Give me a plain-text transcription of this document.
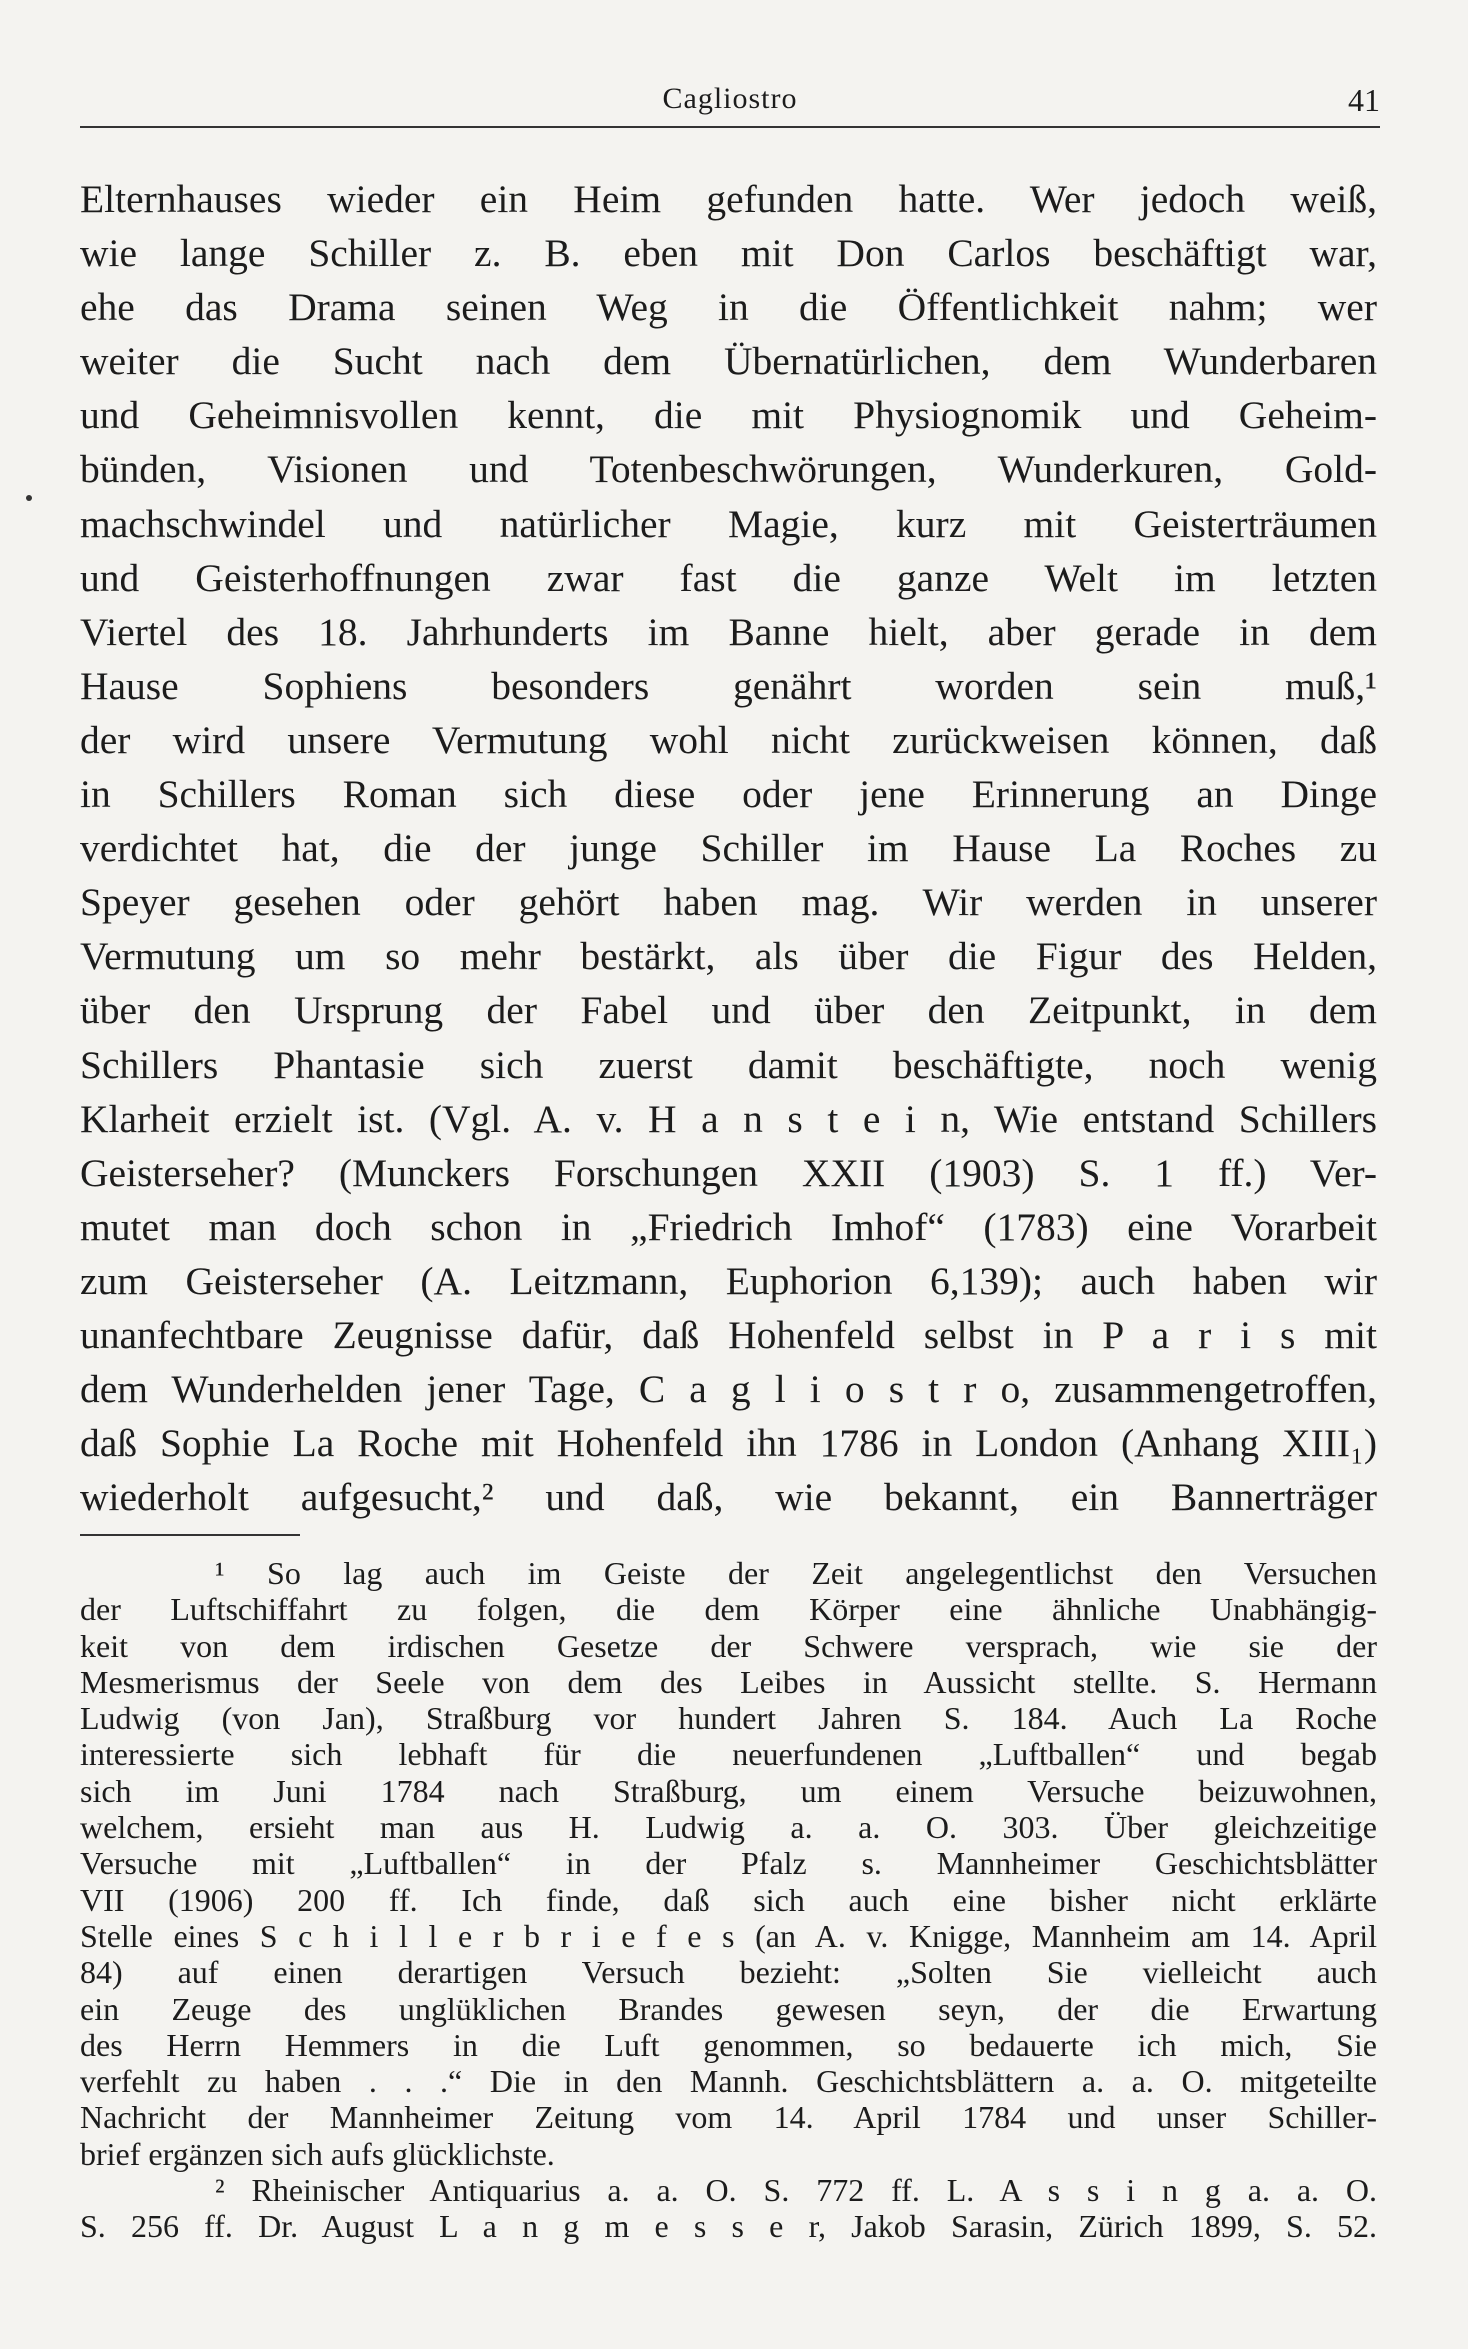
Cagliostro	41
Elternhauses wieder ein Heim gefunden hatte. Wer jedoch weiß,
wie lange Schiller z. B. eben mit Don Carlos beschäftigt war,
ehe das Drama seinen Weg in die Öffentlichkeit nahm; wer
weiter die Sucht nach dem Übernatürlichen, dem Wunderbaren
und Geheimnisvollen kennt, die mit Physiognomik und Geheim-
bünden, Visionen und Totenbeschwörungen, Wunderkuren, Gold-
machschwindel und natürlicher Magie, kurz mit Geisterträumen
und Geisterhoffnungen zwar fast die ganze Welt im letzten
Viertel des 18. Jahrhunderts im Banne hielt, aber gerade in dem
Hause Sophiens besonders genährt worden sein muß,¹
der wird unsere Vermutung wohl nicht zurückweisen können, daß
in Schillers Roman sich diese oder jene Erinnerung an Dinge
verdichtet hat, die der junge Schiller im Hause La Roches zu
Speyer gesehen oder gehört haben mag. Wir werden in unserer
Vermutung um so mehr bestärkt, als über die Figur des Helden,
über den Ursprung der Fabel und über den Zeitpunkt, in dem
Schillers Phantasie sich zuerst damit beschäftigte, noch wenig
Klarheit erzielt ist. (Vgl. A. v. H a n s t e i n, Wie entstand Schillers
Geisterseher? (Munckers Forschungen XXII (1903) S. 1 ff.) Ver-
mutet man doch schon in „Friedrich Imhof“ (1783) eine Vorarbeit
zum Geisterseher (A. Leitzmann, Euphorion 6,139); auch haben wir
unanfechtbare Zeugnisse dafür, daß Hohenfeld selbst in P a r i s mit
dem Wunderhelden jener Tage, C a g l i o s t r o, zusammengetroffen,
daß Sophie La Roche mit Hohenfeld ihn 1786 in London (Anhang XIII₁)
wiederholt aufgesucht,² und daß, wie bekannt, ein Bannerträger
¹ So lag auch im Geiste der Zeit angelegentlichst den Versuchen
der Luftschiffahrt zu folgen, die dem Körper eine ähnliche Unabhängig-
keit von dem irdischen Gesetze der Schwere versprach, wie sie der
Mesmerismus der Seele von dem des Leibes in Aussicht stellte. S. Hermann
Ludwig (von Jan), Straßburg vor hundert Jahren S. 184. Auch La Roche
interessierte sich lebhaft für die neuerfundenen „Luftballen“ und begab
sich im Juni 1784 nach Straßburg, um einem Versuche beizuwohnen,
welchem, ersieht man aus H. Ludwig a. a. O. 303. Über gleichzeitige
Versuche mit „Luftballen“ in der Pfalz s. Mannheimer Geschichtsblätter
VII (1906) 200 ff. Ich finde, daß sich auch eine bisher nicht erklärte
Stelle eines S c h i l l e r b r i e f e s (an A. v. Knigge, Mannheim am 14. April
84) auf einen derartigen Versuch bezieht: „Solten Sie vielleicht auch
ein Zeuge des unglüklichen Brandes gewesen seyn, der die Erwartung
des Herrn Hemmers in die Luft genommen, so bedauerte ich mich, Sie
verfehlt zu haben . . .“ Die in den Mannh. Geschichtsblättern a. a. O. mitgeteilte
Nachricht der Mannheimer Zeitung vom 14. April 1784 und unser Schiller-
brief ergänzen sich aufs glücklichste.
² Rheinischer Antiquarius a. a. O. S. 772 ff. L. A s s i n g a. a. O.
S. 256 ff. Dr. August L a n g m e s s e r, Jakob Sarasin, Zürich 1899, S. 52.
